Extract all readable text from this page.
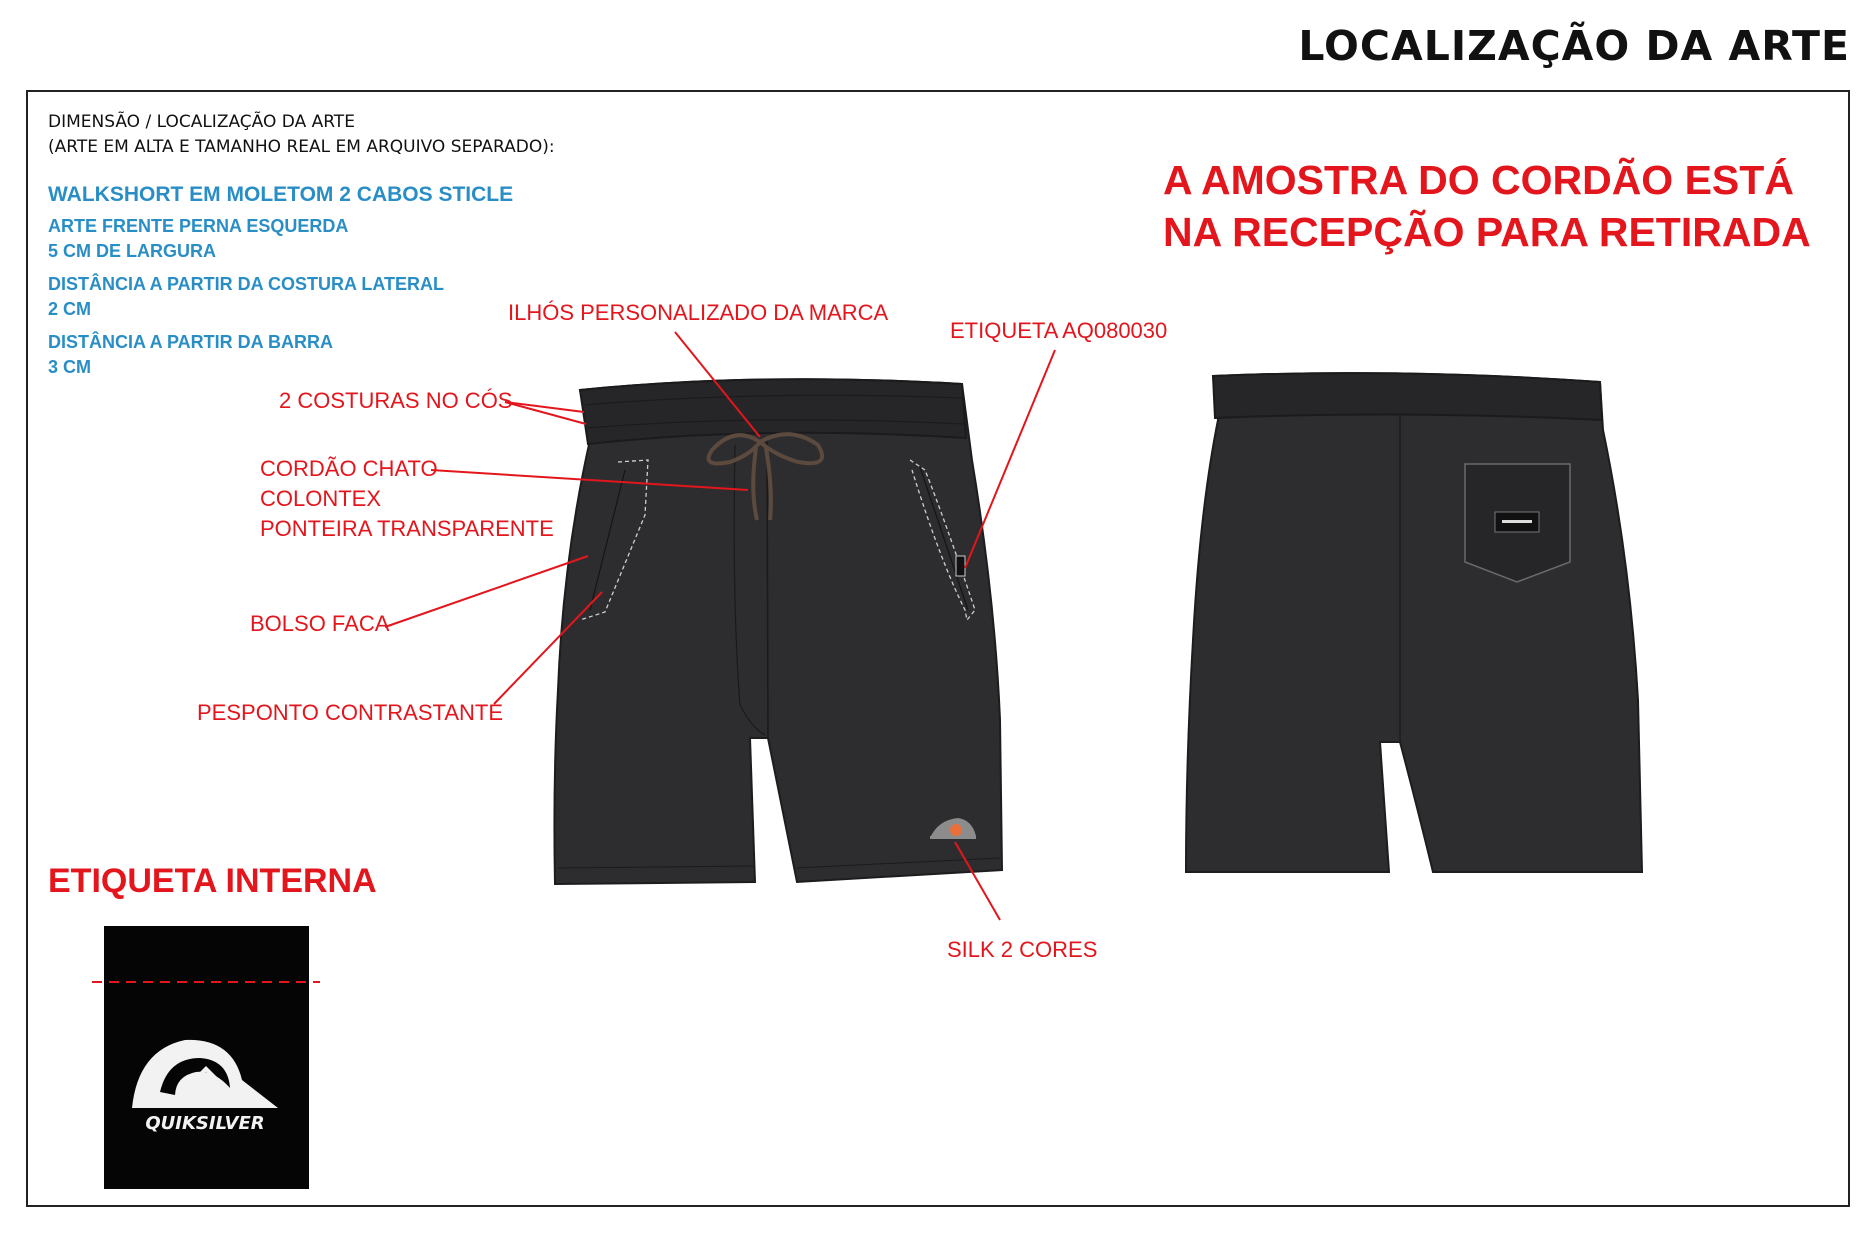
LOCALIZAÇÃO DA ARTE
DIMENSÃO / LOCALIZAÇÃO DA ARTE
(ARTE EM ALTA E TAMANHO REAL EM ARQUIVO SEPARADO):
WALKSHORT EM MOLETOM 2 CABOS STICLE
ARTE FRENTE PERNA ESQUERDA
5 CM DE LARGURA
DISTÂNCIA A PARTIR DA COSTURA LATERAL
2 CM
DISTÂNCIA A PARTIR DA BARRA
3 CM
A AMOSTRA DO CORDÃO ESTÁ
NA RECEPÇÃO PARA RETIRADA
ILHÓS PERSONALIZADO DA MARCA
ETIQUETA AQ080030
2 COSTURAS NO CÓS
CORDÃO CHATO
COLONTEX
PONTEIRA TRANSPARENTE
BOLSO FACA
PESPONTO CONTRASTANTE
SILK 2 CORES
ETIQUETA INTERNA
QUIKSILVER
